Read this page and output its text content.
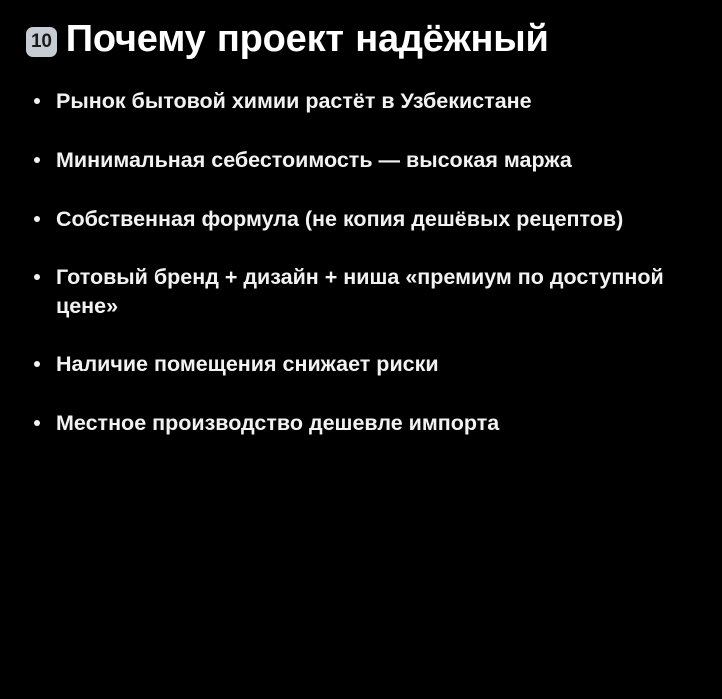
10 Почему проект надёжный
Рынок бытовой химии растёт в Узбекистане
Минимальная себестоимость — высокая маржа
Собственная формула (не копия дешёвых рецептов)
Готовый бренд + дизайн + ниша «премиум по доступной цене»
Наличие помещения снижает риски
Местное производство дешевле импорта
